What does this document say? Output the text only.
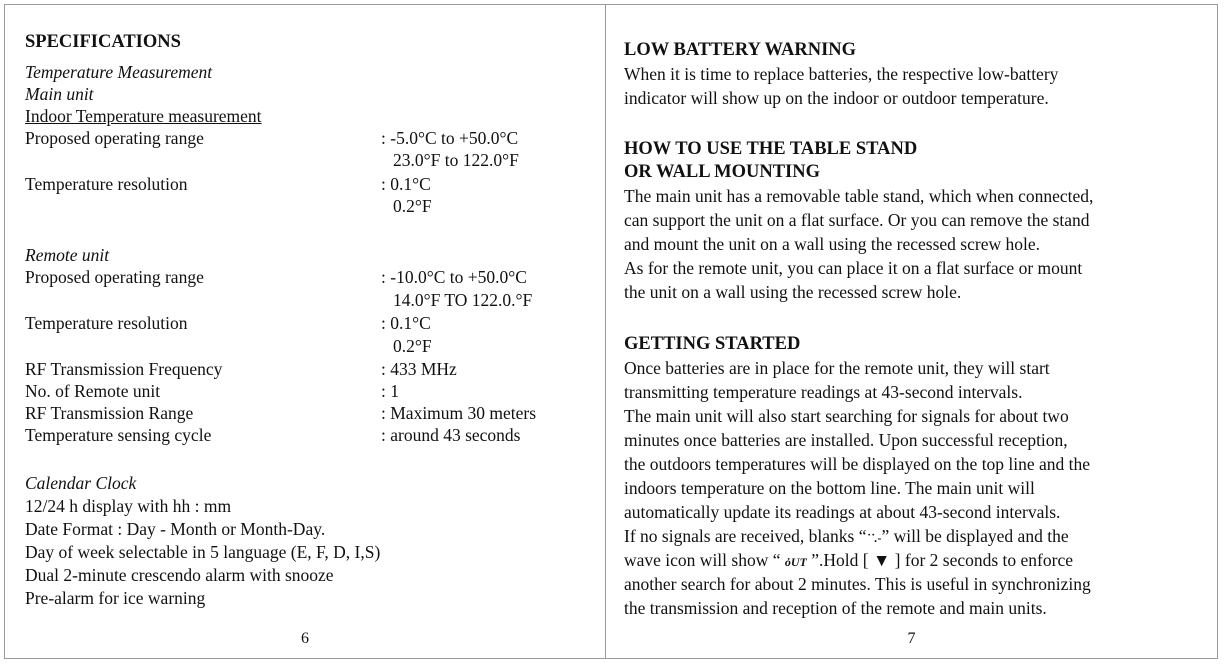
SPECIFICATIONS
Temperature Measurement
Main unit
Indoor Temperature measurement
Proposed operating range	: -5.0°C to +50.0°C
23.0°F to 122.0°F
Temperature resolution	: 0.1°C
0.2°F
Remote unit
Proposed operating range	: -10.0°C to +50.0°C
14.0°F TO 122.0.°F
Temperature resolution	: 0.1°C
0.2°F
RF Transmission Frequency	: 433 MHz
No. of Remote unit	: 1
RF Transmission Range	: Maximum 30 meters
Temperature sensing cycle	: around 43 seconds
Calendar Clock
12/24 h display with hh : mm
Date Format : Day - Month or Month-Day.
Day of week selectable in 5 language (E, F, D, I,S)
Dual 2-minute crescendo alarm with snooze
Pre-alarm for ice warning
6
LOW BATTERY WARNING
When it is time to replace batteries, the respective low-battery
indicator will show up on the indoor or outdoor temperature.
HOW TO USE THE TABLE STAND
OR WALL MOUNTING
The main unit has a removable table stand, which when connected,
can support the unit on a flat surface. Or you can remove the stand
and mount the unit on a wall using the recessed screw hole.
As for the remote unit, you can place it on a flat surface or mount
the unit on a wall using the recessed screw hole.
GETTING STARTED
Once batteries are in place for the remote unit, they will start
transmitting temperature readings at 43-second intervals.
The main unit will also start searching for signals for about two
minutes once batteries are installed. Upon successful reception,
the outdoors temperatures will be displayed on the top line and the
indoors temperature on the bottom line. The main unit will
automatically update its readings at about 43-second intervals.
If no signals are received, blanks “˙˙.-” will be displayed and the
wave icon will show “ ȯUT ”.Hold [ ▼ ] for 2 seconds to enforce
another search for about 2 minutes. This is useful in synchronizing
the transmission and reception of the remote and main units.
7
